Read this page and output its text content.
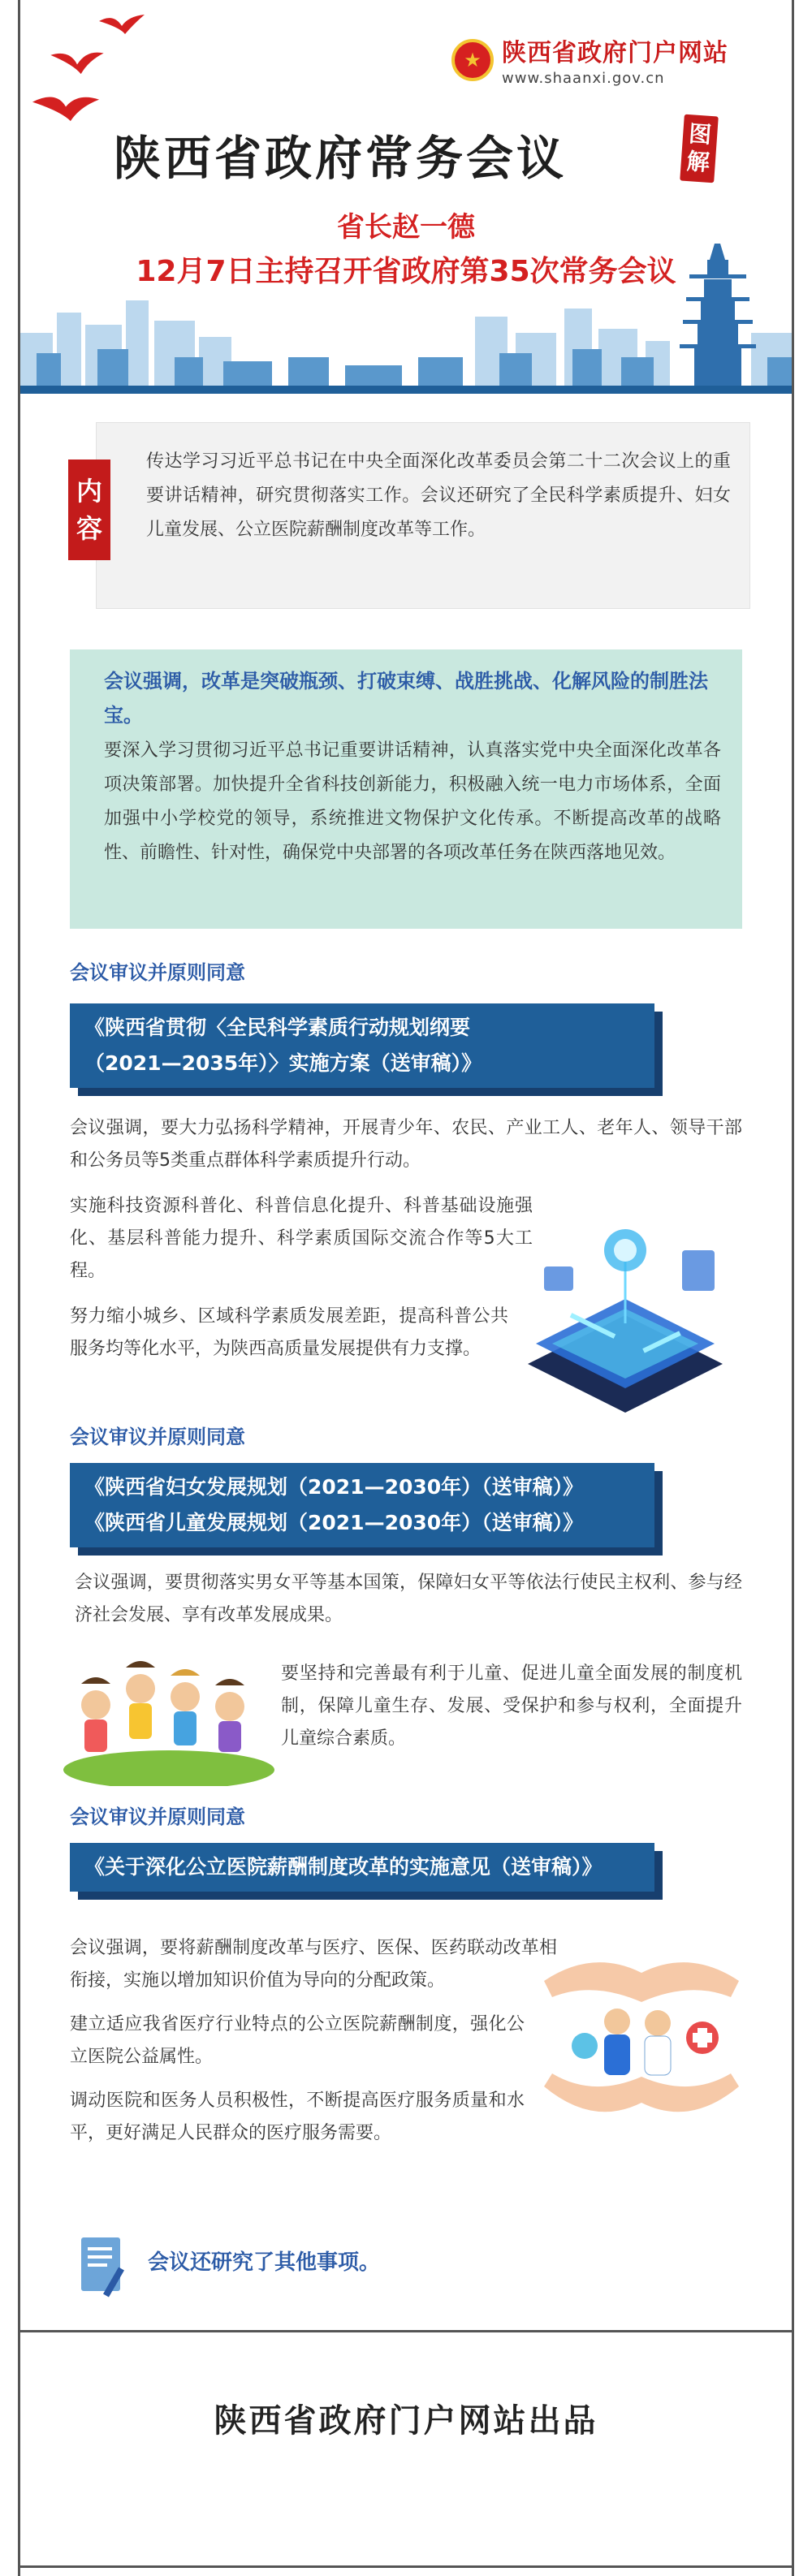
★ 陕西省政府门户网站
www.shaanxi.gov.cn
陕西省政府常务会议	图
解
省长赵一德
12月7日主持召开省政府第35次常务会议
内
容
传达学习习近平总书记在中央全面深化改革委员会第二十二次会议上的重要讲话精神，研究贯彻落实工作。会议还研究了全民科学素质提升、妇女儿童发展、公立医院薪酬制度改革等工作。
会议强调，改革是突破瓶颈、打破束缚、战胜挑战、化解风险的制胜法宝。
要深入学习贯彻习近平总书记重要讲话精神，认真落实党中央全面深化改革各项决策部署。加快提升全省科技创新能力，积极融入统一电力市场体系，全面加强中小学校党的领导，系统推进文物保护文化传承。不断提高改革的战略性、前瞻性、针对性，确保党中央部署的各项改革任务在陕西落地见效。
会议审议并原则同意
《陕西省贯彻〈全民科学素质行动规划纲要
（2021—2035年）〉实施方案（送审稿）》
会议强调，要大力弘扬科学精神，开展青少年、农民、产业工人、老年人、领导干部和公务员等5类重点群体科学素质提升行动。
实施科技资源科普化、科普信息化提升、科普基础设施强化、基层科普能力提升、科学素质国际交流合作等5大工程。
努力缩小城乡、区域科学素质发展差距，提高科普公共服务均等化水平，为陕西高质量发展提供有力支撑。
会议审议并原则同意
《陕西省妇女发展规划（2021—2030年）（送审稿）》
《陕西省儿童发展规划（2021—2030年）（送审稿）》
会议强调，要贯彻落实男女平等基本国策，保障妇女平等依法行使民主权利、参与经济社会发展、享有改革发展成果。
要坚持和完善最有利于儿童、促进儿童全面发展的制度机制，保障儿童生存、发展、受保护和参与权利，全面提升儿童综合素质。
会议审议并原则同意
《关于深化公立医院薪酬制度改革的实施意见（送审稿）》
会议强调，要将薪酬制度改革与医疗、医保、医药联动改革相衔接，实施以增加知识价值为导向的分配政策。
建立适应我省医疗行业特点的公立医院薪酬制度，强化公立医院公益属性。
调动医院和医务人员积极性，不断提高医疗服务质量和水平，更好满足人民群众的医疗服务需要。
会议还研究了其他事项。
陕西省政府门户网站出品
